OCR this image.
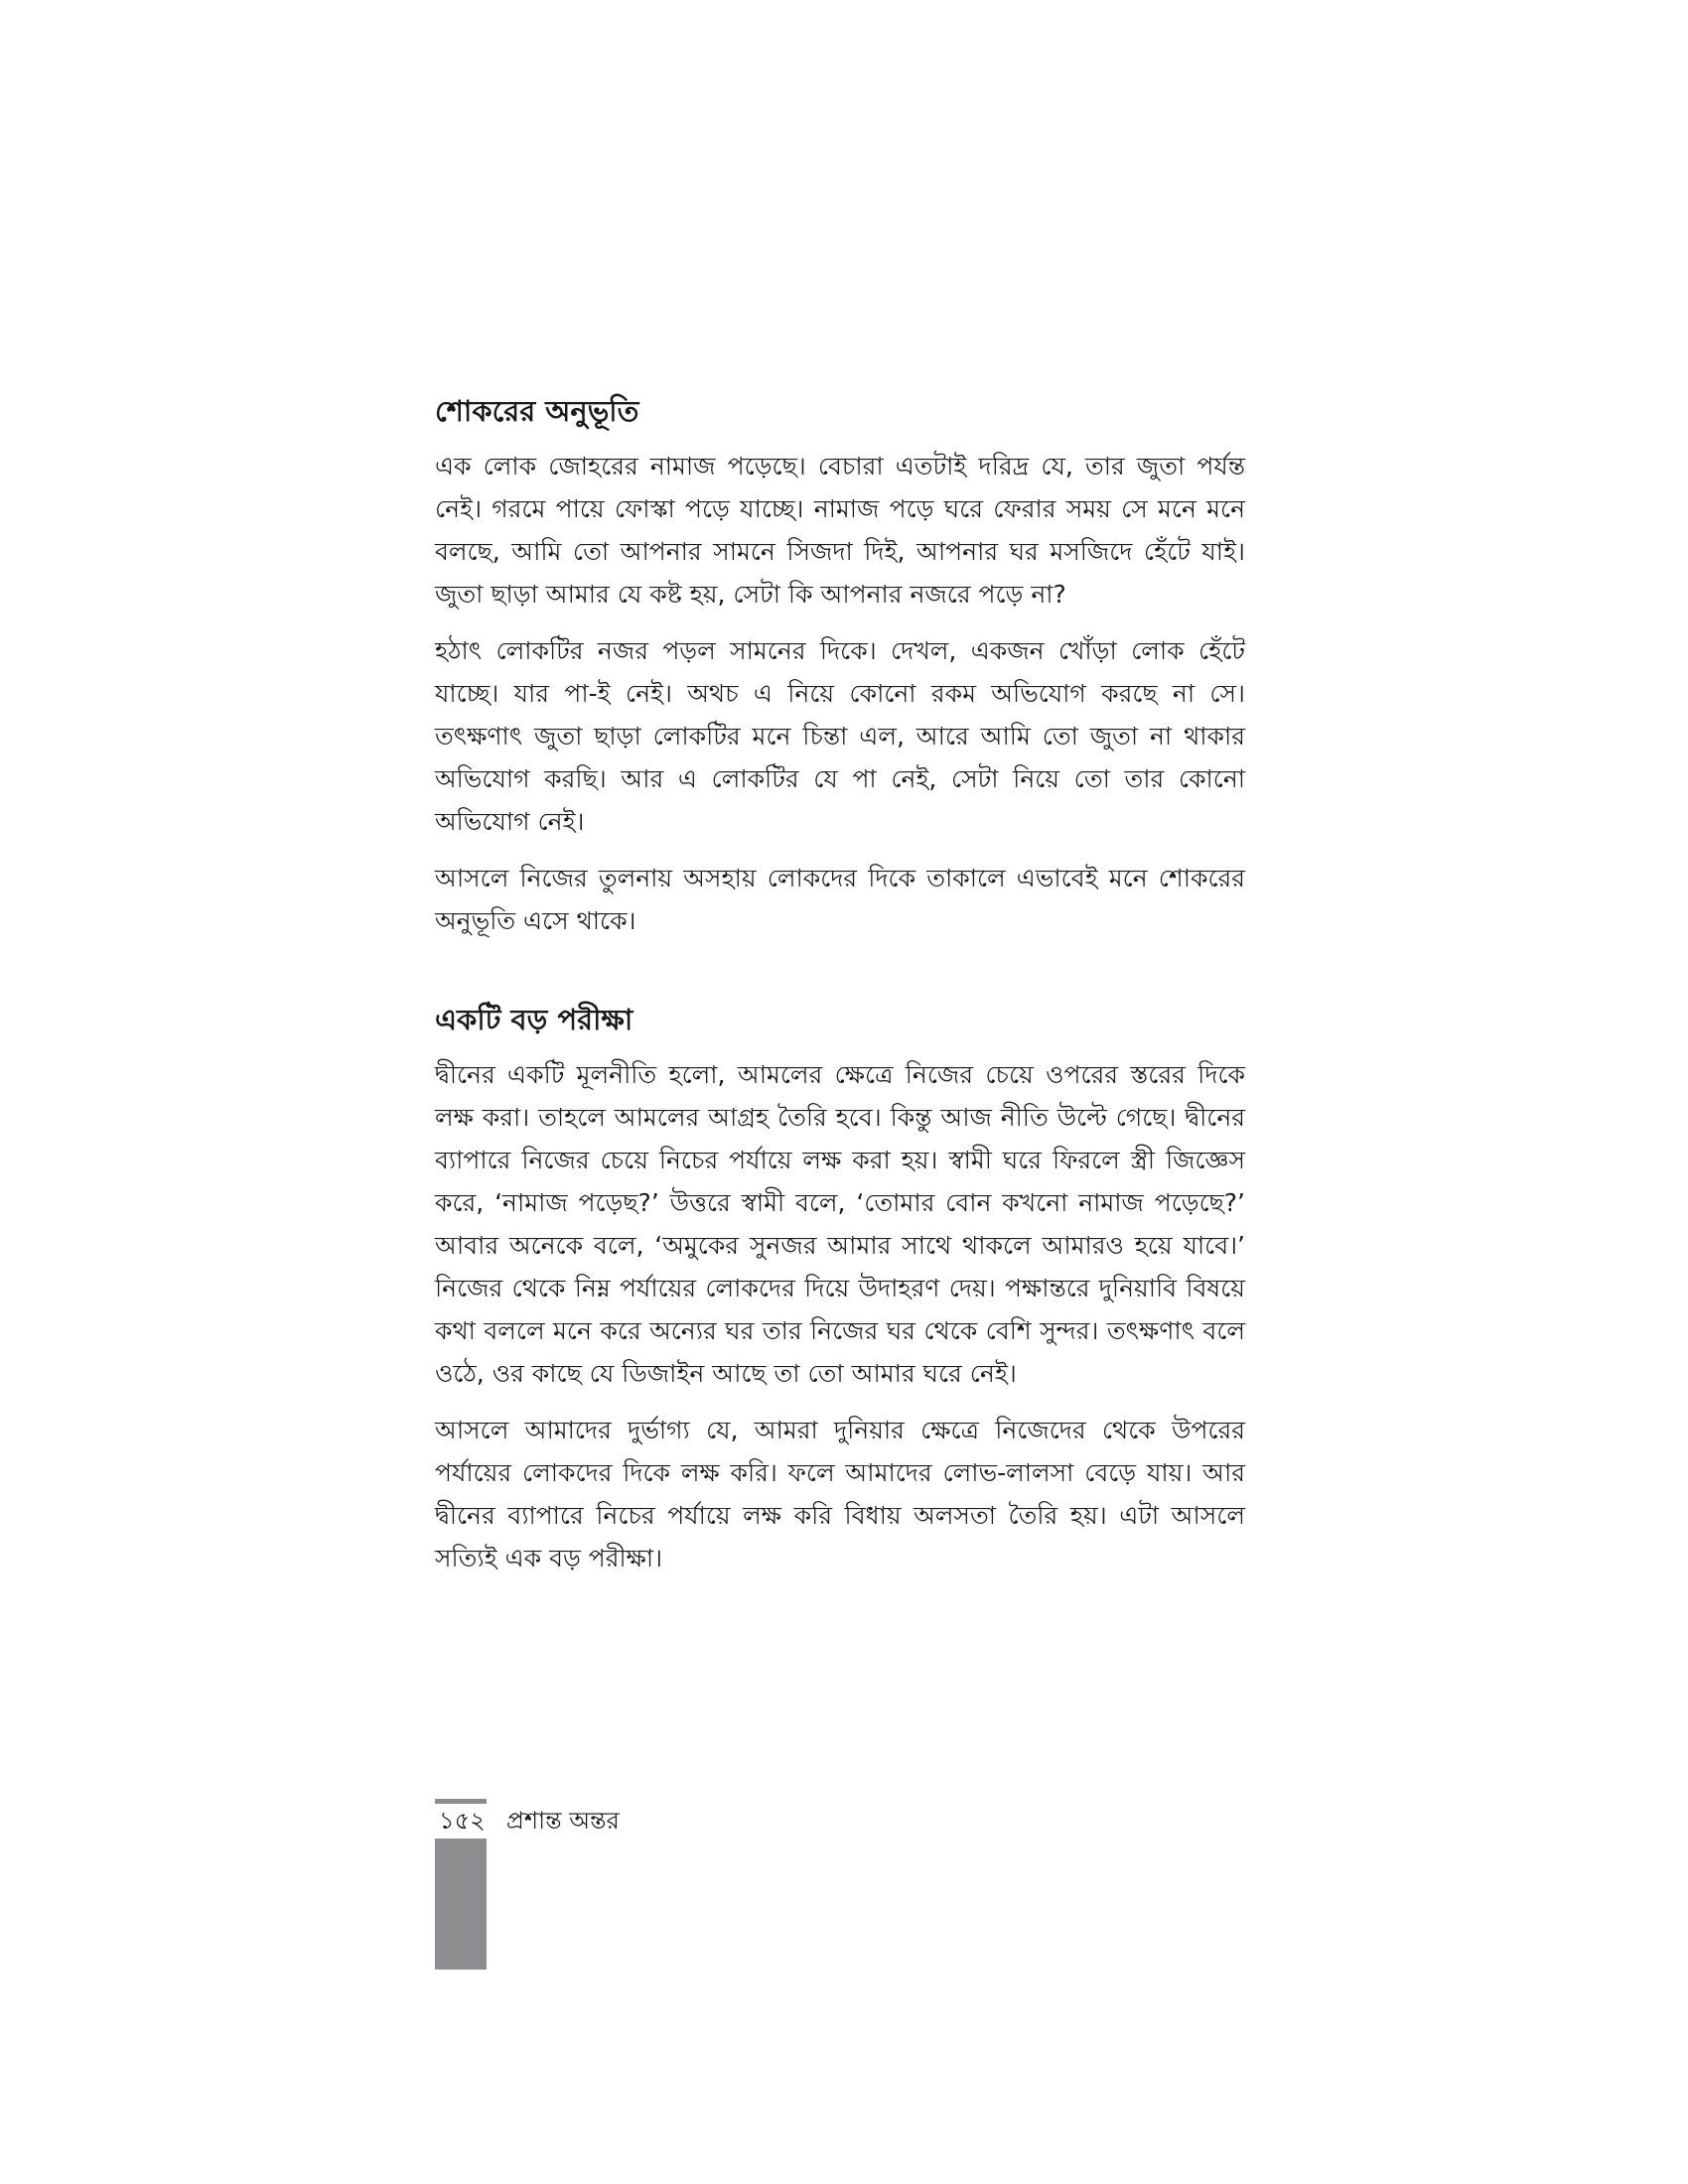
শোকরের অনুভূতি

এক লোক জোহরের নামাজ পড়েছে। বেচারা এতটাই দরিদ্র যে, তার জুতা পর্যন্ত নেই। গরমে পায়ে ফোস্কা পড়ে যাচ্ছে। নামাজ পড়ে ঘরে ফেরার সময় সে মনে মনে বলছে, আমি তো আপনার সামনে সিজদা দিই, আপনার ঘর মসজিদে হেঁটে যাই। জুতা ছাড়া আমার যে কষ্ট হয়, সেটা কি আপনার নজরে পড়ে না?

হঠাৎ লোকটির নজর পড়ল সামনের দিকে। দেখল, একজন খোঁড়া লোক হেঁটে যাচ্ছে। যার পা-ই নেই। অথচ এ নিয়ে কোনো রকম অভিযোগ করছে না সে। তৎক্ষণাৎ জুতা ছাড়া লোকটির মনে চিন্তা এল, আরে আমি তো জুতা না থাকার অভিযোগ করছি। আর এ লোকটির যে পা নেই, সেটা নিয়ে তো তার কোনো অভিযোগ নেই।

আসলে নিজের তুলনায় অসহায় লোকদের দিকে তাকালে এভাবেই মনে শোকরের অনুভূতি এসে থাকে।

একটি বড় পরীক্ষা

দ্বীনের একটি মূলনীতি হলো, আমলের ক্ষেত্রে নিজের চেয়ে ওপরের স্তরের দিকে লক্ষ করা। তাহলে আমলের আগ্রহ তৈরি হবে। কিন্তু আজ নীতি উল্টে গেছে। দ্বীনের ব্যাপারে নিজের চেয়ে নিচের পর্যায়ে লক্ষ করা হয়। স্বামী ঘরে ফিরলে স্ত্রী জিজ্ঞেস করে, ‘নামাজ পড়েছ?’ উত্তরে স্বামী বলে, ‘তোমার বোন কখনো নামাজ পড়েছে?’ আবার অনেকে বলে, ‘অমুকের সুনজর আমার সাথে থাকলে আমারও হয়ে যাবে।’ নিজের থেকে নিম্ন পর্যায়ের লোকদের দিয়ে উদাহরণ দেয়। পক্ষান্তরে দুনিয়াবি বিষয়ে কথা বললে মনে করে অন্যের ঘর তার নিজের ঘর থেকে বেশি সুন্দর। তৎক্ষণাৎ বলে ওঠে, ওর কাছে যে ডিজাইন আছে তা তো আমার ঘরে নেই।

আসলে আমাদের দুর্ভাগ্য যে, আমরা দুনিয়ার ক্ষেত্রে নিজেদের থেকে উপরের পর্যায়ের লোকদের দিকে লক্ষ করি। ফলে আমাদের লোভ-লালসা বেড়ে যায়। আর দ্বীনের ব্যাপারে নিচের পর্যায়ে লক্ষ করি বিধায় অলসতা তৈরি হয়। এটা আসলে সত্যিই এক বড় পরীক্ষা।

১৫২ প্রশান্ত অন্তর
